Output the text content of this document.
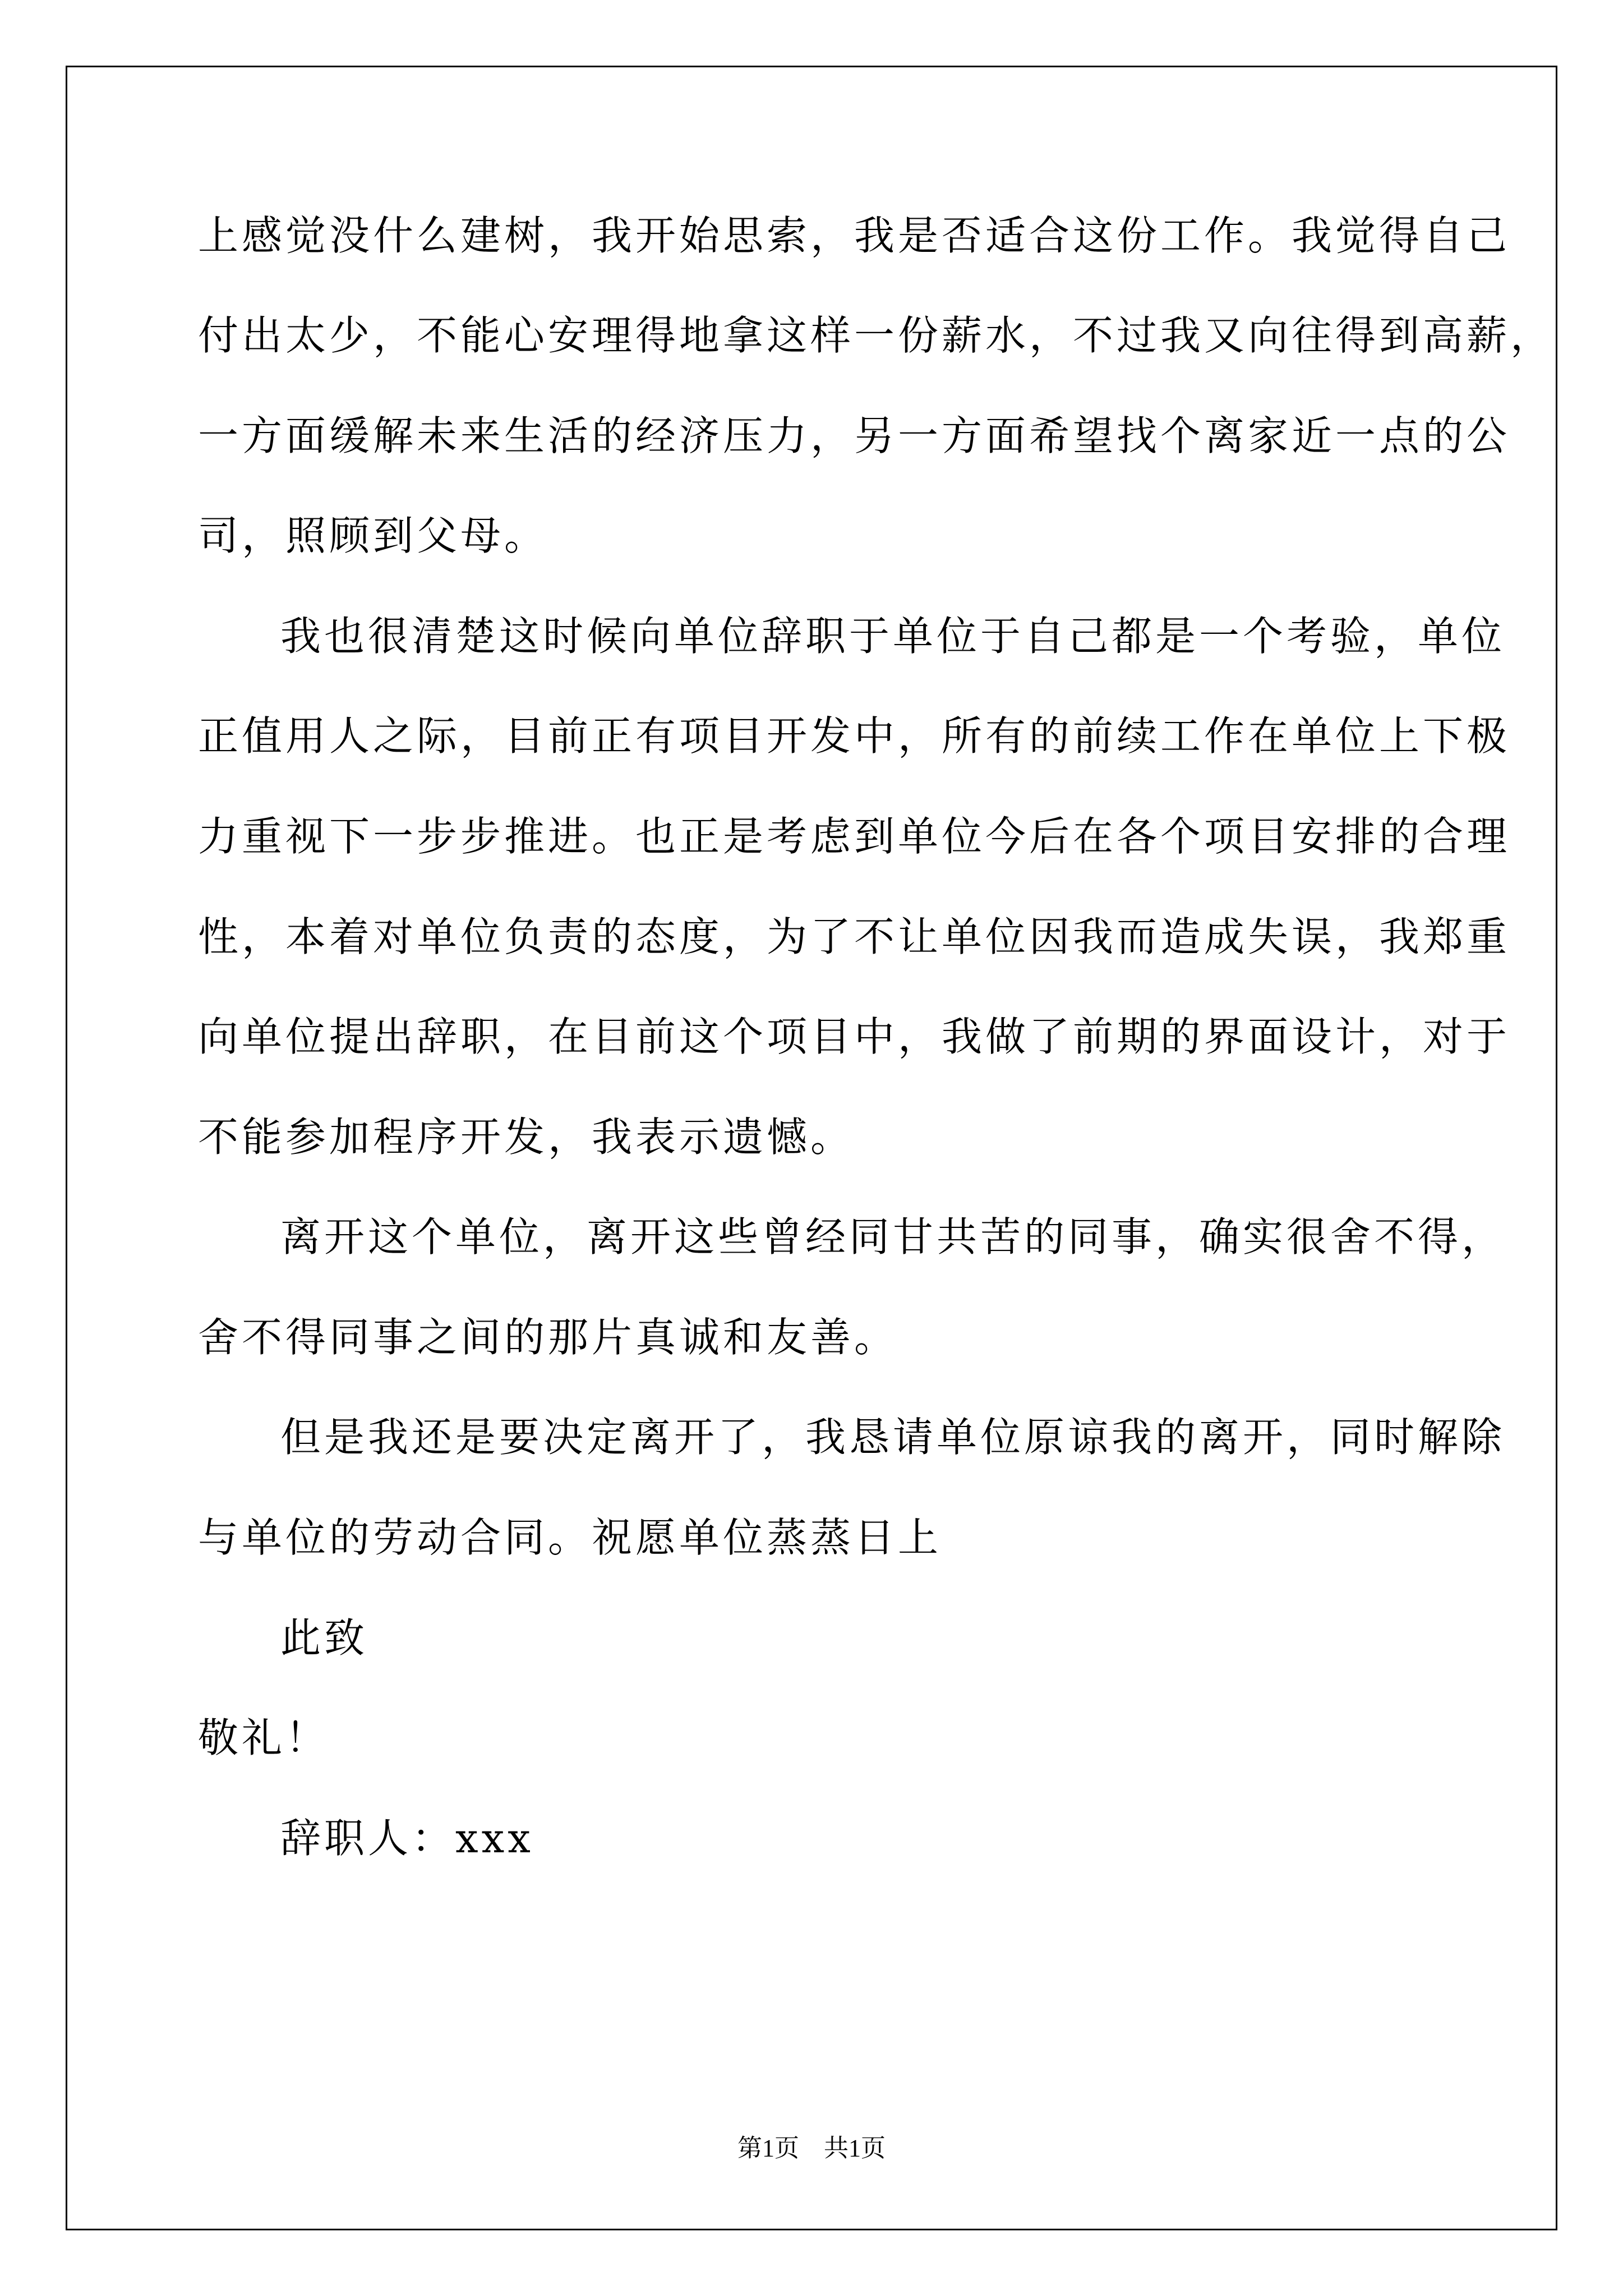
上感觉没什么建树，我开始思索，我是否适合这份工作。我觉得自己
付出太少，不能心安理得地拿这样一份薪水，不过我又向往得到高薪，
一方面缓解未来生活的经济压力，另一方面希望找个离家近一点的公
司，照顾到父母。
我也很清楚这时候向单位辞职于单位于自己都是一个考验，单位
正值用人之际，目前正有项目开发中，所有的前续工作在单位上下极
力重视下一步步推进。也正是考虑到单位今后在各个项目安排的合理
性，本着对单位负责的态度，为了不让单位因我而造成失误，我郑重
向单位提出辞职，在目前这个项目中，我做了前期的界面设计，对于
不能参加程序开发，我表示遗憾。
离开这个单位，离开这些曾经同甘共苦的同事，确实很舍不得，
舍不得同事之间的那片真诚和友善。
但是我还是要决定离开了，我恳请单位原谅我的离开，同时解除
与单位的劳动合同。祝愿单位蒸蒸日上
此致
敬礼！
辞职人：xxx
第1页　共1页
